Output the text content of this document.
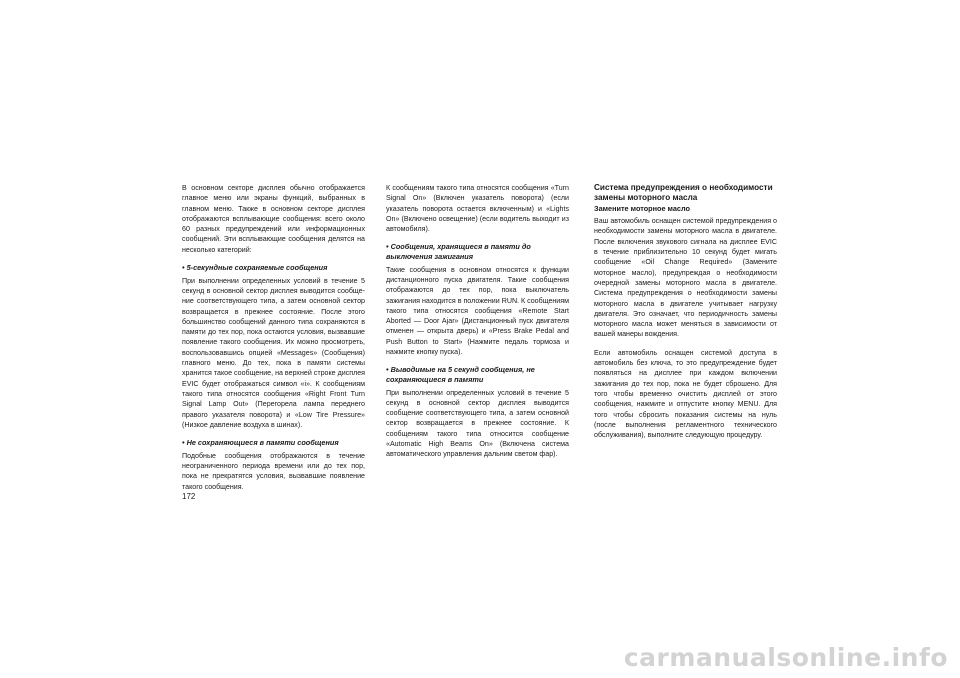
В основном секторе дисплея обычно отображается главное меню или экраны функций, выбранных в главном меню. Также в основном секторе дисплея отображаются всплывающие сообщения: всего около 60 разных предупреждений или информационных сообщений. Эти всплывающие сообщения делятся на несколько категорий:

• 5-секундные сохраняемые сообщения

При выполнении определенных условий в течение 5 секунд в основной сектор дисплея выводится сообщение соответствующего типа, а затем основной сектор возвращается в прежнее состояние. После этого большинство сообщений данного типа сохраняются в памяти до тех пор, пока остаются условия, вызвавшие появление такого сообщения. Их можно просмотреть, воспользовавшись опцией «Messages» (Сообщения) главного меню. До тех, пока в памяти системы хранится такое сообщение, на верхней строке дисплея EVIC будет отображаться символ «i». К сообщениям такого типа относятся сообщения «Right Front Turn Signal Lamp Out» (Перегорела лампа переднего правого указателя поворота) и «Low Tire Pressure» (Низкое давление воздуха в шинах).

• Не сохраняющиеся в памяти сообщения

Подобные сообщения отображаются в течение неограниченного периода времени или до тех пор, пока не прекратятся условия, вызвавшие появление такого сообщения.

К сообщениям такого типа относятся сообщения «Turn Signal On» (Включен указатель поворота) (если указатель поворота остается включенным) и «Lights On» (Включено освещение) (если водитель выходит из автомобиля).

• Сообщения, хранящиеся в памяти до выключения зажигания

Такие сообщения в основном относятся к функции дистанционного пуска двигателя. Такие сообщения отображаются до тех пор, пока выключатель зажигания находится в положении RUN. К сообщениям такого типа относятся сообщения «Remote Start Aborted — Door Ajar» (Дистанционный пуск двигателя отменен — открыта дверь) и «Press Brake Pedal and Push Button to Start» (Нажмите педаль тормоза и нажмите кнопку пуска).

• Выводимые на 5 секунд сообщения, не сохраняющиеся в памяти

При выполнении определенных условий в течение 5 секунд в основной сектор дисплея выводится сообщение соответствующего типа, а затем основной сектор возвращается в прежнее состояние. К сообщениям такого типа относится сообщение «Automatic High Beams On» (Включена система автоматического управления дальним светом фар).

Система предупреждения о необходимости замены моторного масла
Замените моторное масло

Ваш автомобиль оснащен системой предупреждения о необходимости замены моторного масла в двигателе. После включения звукового сигнала на дисплее EVIC в течение приблизительно 10 секунд будет мигать сообщение «Oil Change Required» (Замените моторное масло), предупреждая о необходимости очередной замены моторного масла в двигателе. Система предупреждения о необходимости замены моторного масла в двигателе учитывает нагрузку двигателя. Это означает, что периодичность замены моторного масла может меняться в зависимости от вашей манеры вождения.

Если автомобиль оснащен системой доступа в автомобиль без ключа, то это предупреждение будет появляться на дисплее при каждом включении зажигания до тех пор, пока не будет сброшено. Для того чтобы временно очистить дисплей от этого сообщения, нажмите и отпустите кнопку MENU. Для того чтобы сбросить показания системы на нуль (после выполнения регламентного технического обслуживания), выполните следующую процедуру.

172
carmanualsonline.info
